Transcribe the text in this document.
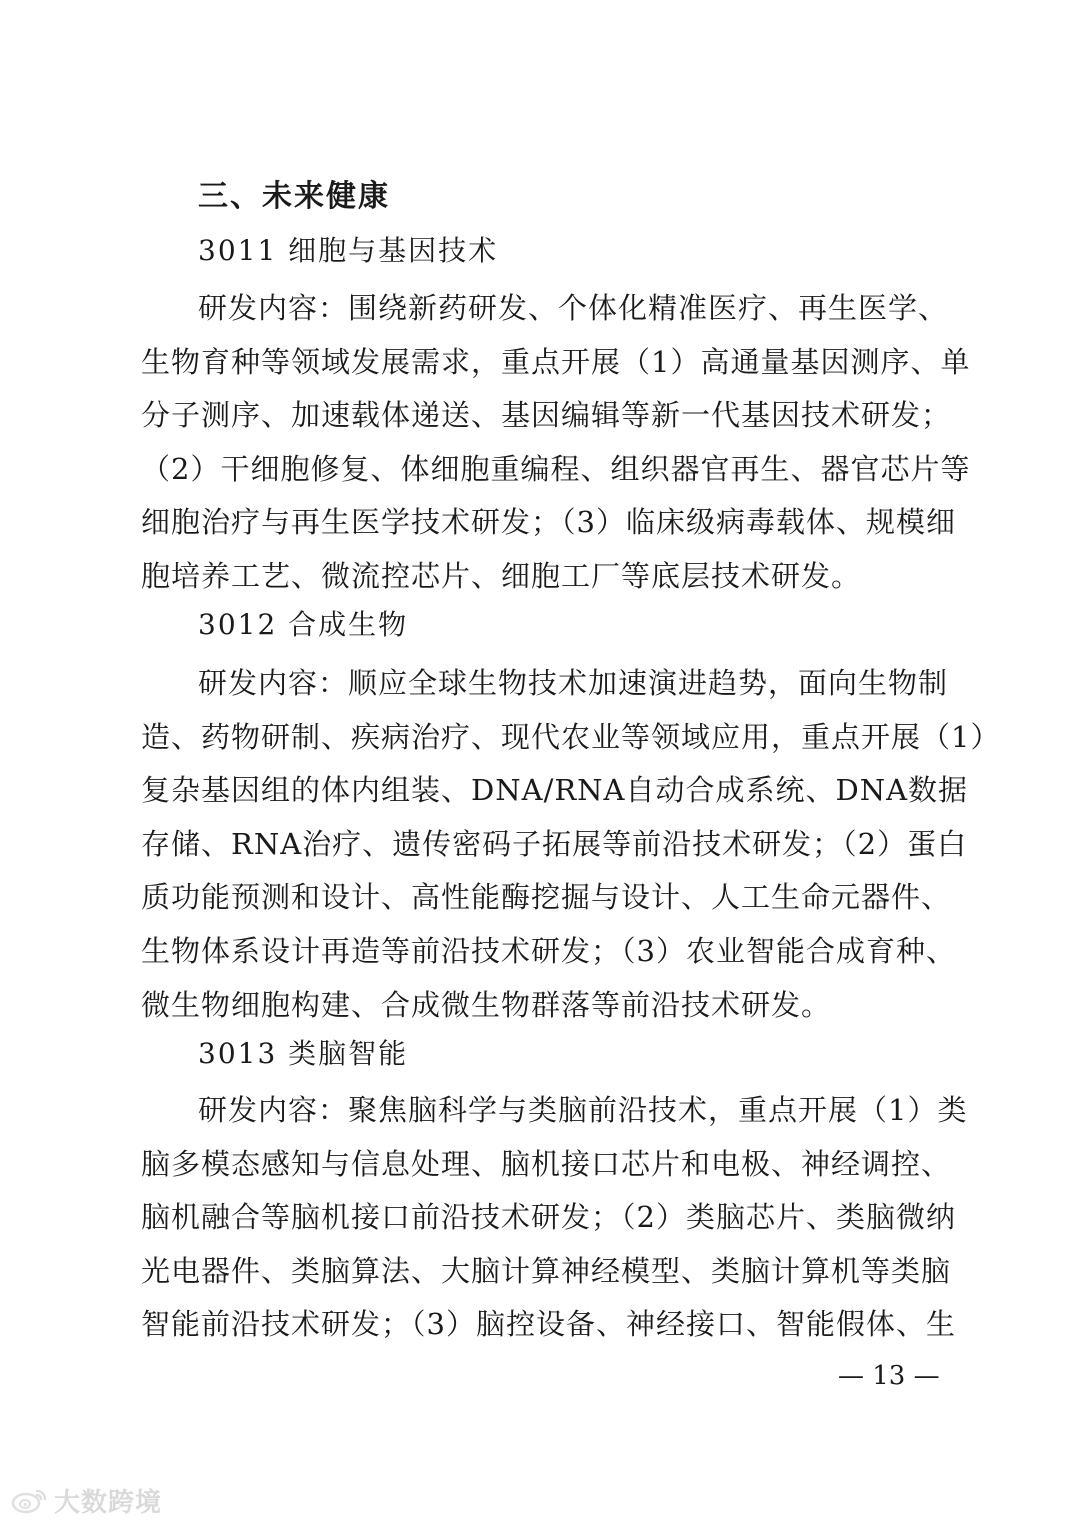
三、未来健康
3011 细胞与基因技术
研发内容：围绕新药研发、个体化精准医疗、再生医学、
生物育种等领域发展需求，重点开展（1）高通量基因测序、单
分子测序、加速载体递送、基因编辑等新一代基因技术研发；
（2）干细胞修复、体细胞重编程、组织器官再生、器官芯片等
细胞治疗与再生医学技术研发；（3）临床级病毒载体、规模细
胞培养工艺、微流控芯片、细胞工厂等底层技术研发。
3012 合成生物
研发内容：顺应全球生物技术加速演进趋势，面向生物制
造、药物研制、疾病治疗、现代农业等领域应用，重点开展（1）
复杂基因组的体内组装、DNA/RNA自动合成系统、DNA数据
存储、RNA治疗、遗传密码子拓展等前沿技术研发；（2）蛋白
质功能预测和设计、高性能酶挖掘与设计、人工生命元器件、
生物体系设计再造等前沿技术研发；（3）农业智能合成育种、
微生物细胞构建、合成微生物群落等前沿技术研发。
3013 类脑智能
研发内容：聚焦脑科学与类脑前沿技术，重点开展（1）类
脑多模态感知与信息处理、脑机接口芯片和电极、神经调控、
脑机融合等脑机接口前沿技术研发；（2）类脑芯片、类脑微纳
光电器件、类脑算法、大脑计算神经模型、类脑计算机等类脑
智能前沿技术研发；（3）脑控设备、神经接口、智能假体、生
— 13 —
大数跨境
